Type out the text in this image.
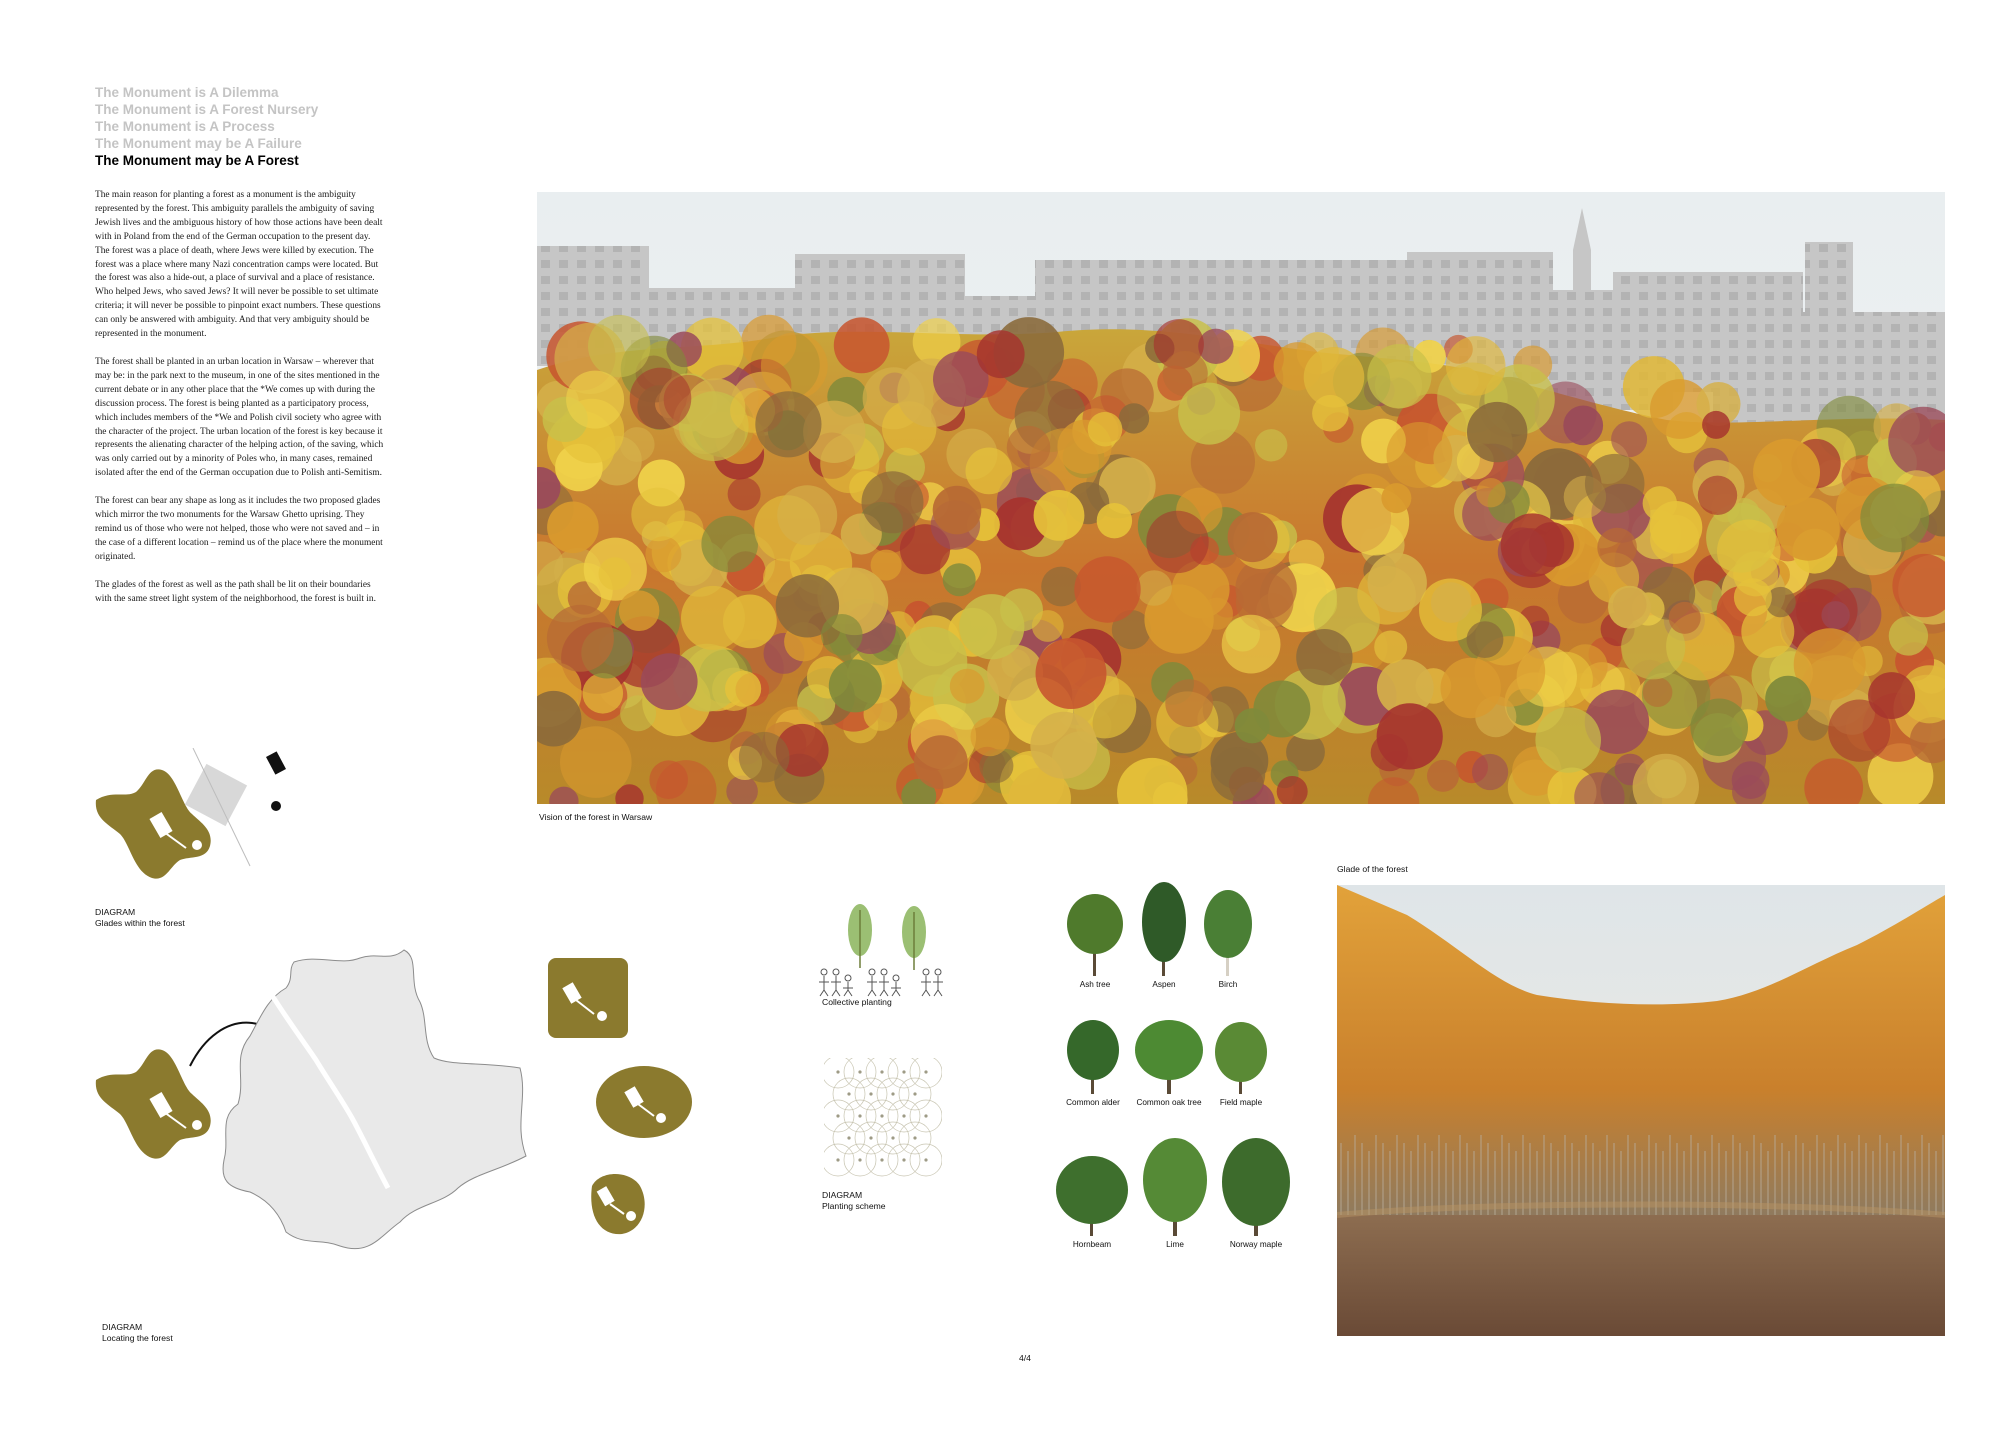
The Monument is A Dilemma
The Monument is A Forest Nursery
The Monument is A Process
The Monument may be A Failure
The Monument may be A Forest

The main reason for planting a forest as a monument is the ambiguity represented by the forest. This ambiguity parallels the ambiguity of saving Jewish lives and the ambiguous history of how those actions have been dealt with in Poland from the end of the German occupation to the present day. The forest was a place of death, where Jews were killed by execution. The forest was a place where many Nazi concentration camps were located. But the forest was also a hide-out, a place of survival and a place of resistance. Who helped Jews, who saved Jews? It will never be possible to set ultimate criteria; it will never be possible to pinpoint exact numbers. These questions can only be answered with ambiguity. And that very ambiguity should be represented in the monument.

The forest shall be planted in an urban location in Warsaw – wherever that may be: in the park next to the museum, in one of the sites mentioned in the current debate or in any other place that the *We comes up with during the discussion process. The forest is being planted as a participatory process, which includes members of the *We and Polish civil society who agree with the character of the project. The urban location of the forest is key because it represents the alienating character of the helping action, of the saving, which was only carried out by a minority of Poles who, in many cases, remained isolated after the end of the German occupation due to Polish anti-Semitism.

The forest can bear any shape as long as it includes the two proposed glades which mirror the two monuments for the Warsaw Ghetto uprising. They remind us of those who were not helped, those who were not saved and – in the case of a different location – remind us of the place where the monument originated.

The glades of the forest as well as the path shall be lit on their boundaries with the same street light system of the neighborhood, the forest is built in.

Vision of the forest in Warsaw
DIAGRAM
Glades within the forest
DIAGRAM
Locating the forest
Collective planting
DIAGRAM
Planting scheme
Ash tree	Aspen	Birch
Common alder	Common oak tree	Field maple
Hornbeam	Lime	Norway maple
Glade of the forest
4/4
